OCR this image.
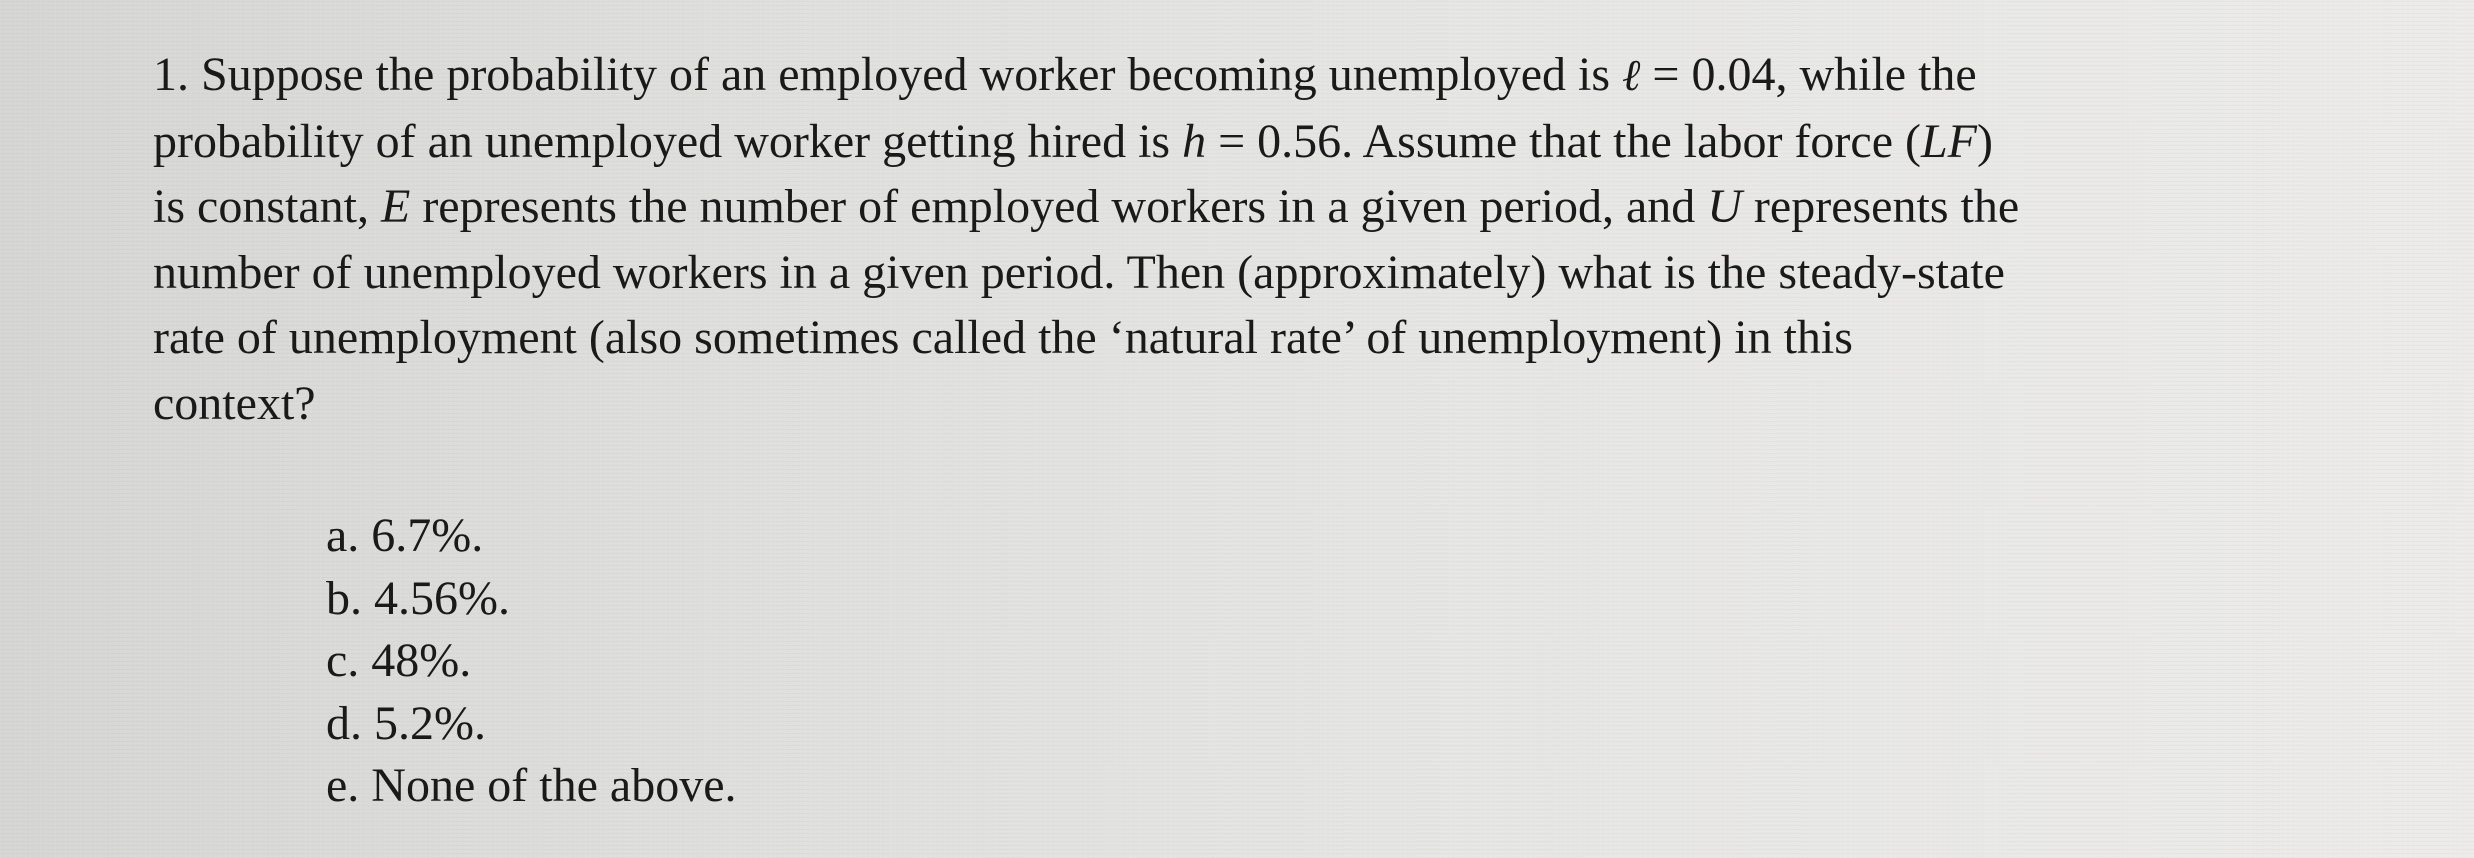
1. Suppose the probability of an employed worker becoming unemployed is ℓ = 0.04, while the
probability of an unemployed worker getting hired is h = 0.56. Assume that the labor force (LF)
is constant, E represents the number of employed workers in a given period, and U represents the
number of unemployed workers in a given period. Then (approximately) what is the steady-state
rate of unemployment (also sometimes called the ‘natural rate’ of unemployment) in this
context?

a. 6.7%.
b. 4.56%.
c. 48%.
d. 5.2%.
e. None of the above.
